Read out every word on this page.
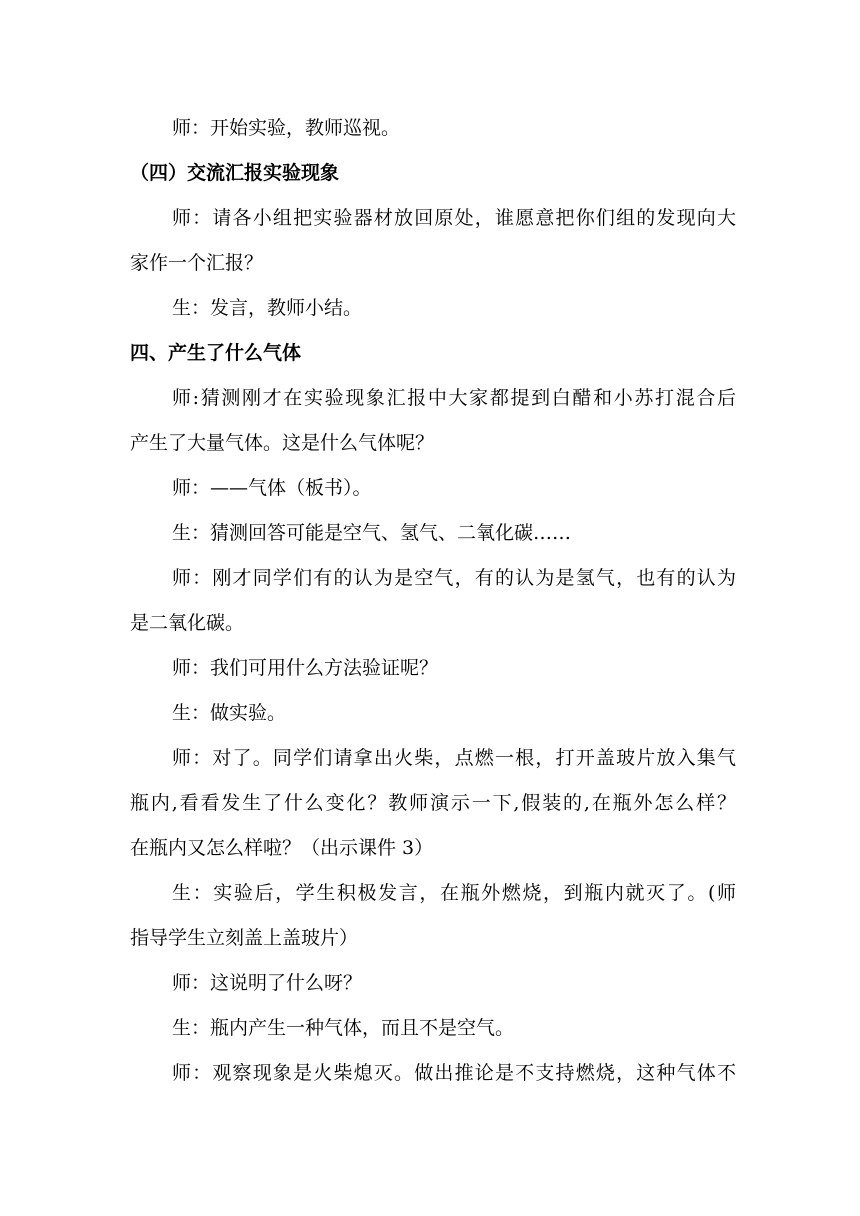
师：开始实验，教师巡视。
（四）交流汇报实验现象
师：请各小组把实验器材放回原处，谁愿意把你们组的发现向大
家作一个汇报？
生：发言，教师小结。
四、产生了什么气体
师:猜测刚才在实验现象汇报中大家都提到白醋和小苏打混合后
产生了大量气体。这是什么气体呢？
师：——气体（板书）。
生：猜测回答可能是空气、氢气、二氧化碳……
师：刚才同学们有的认为是空气，有的认为是氢气，也有的认为
是二氧化碳。
师：我们可用什么方法验证呢？
生：做实验。
师：对了。同学们请拿出火柴，点燃一根，打开盖玻片放入集气
瓶内,看看发生了什么变化？教师演示一下,假装的,在瓶外怎么样？
在瓶内又怎么样啦？（出示课件 3）
生：实验后，学生积极发言，在瓶外燃烧，到瓶内就灭了。(师
指导学生立刻盖上盖玻片）
师：这说明了什么呀？
生：瓶内产生一种气体，而且不是空气。
师：观察现象是火柴熄灭。做出推论是不支持燃烧，这种气体不
